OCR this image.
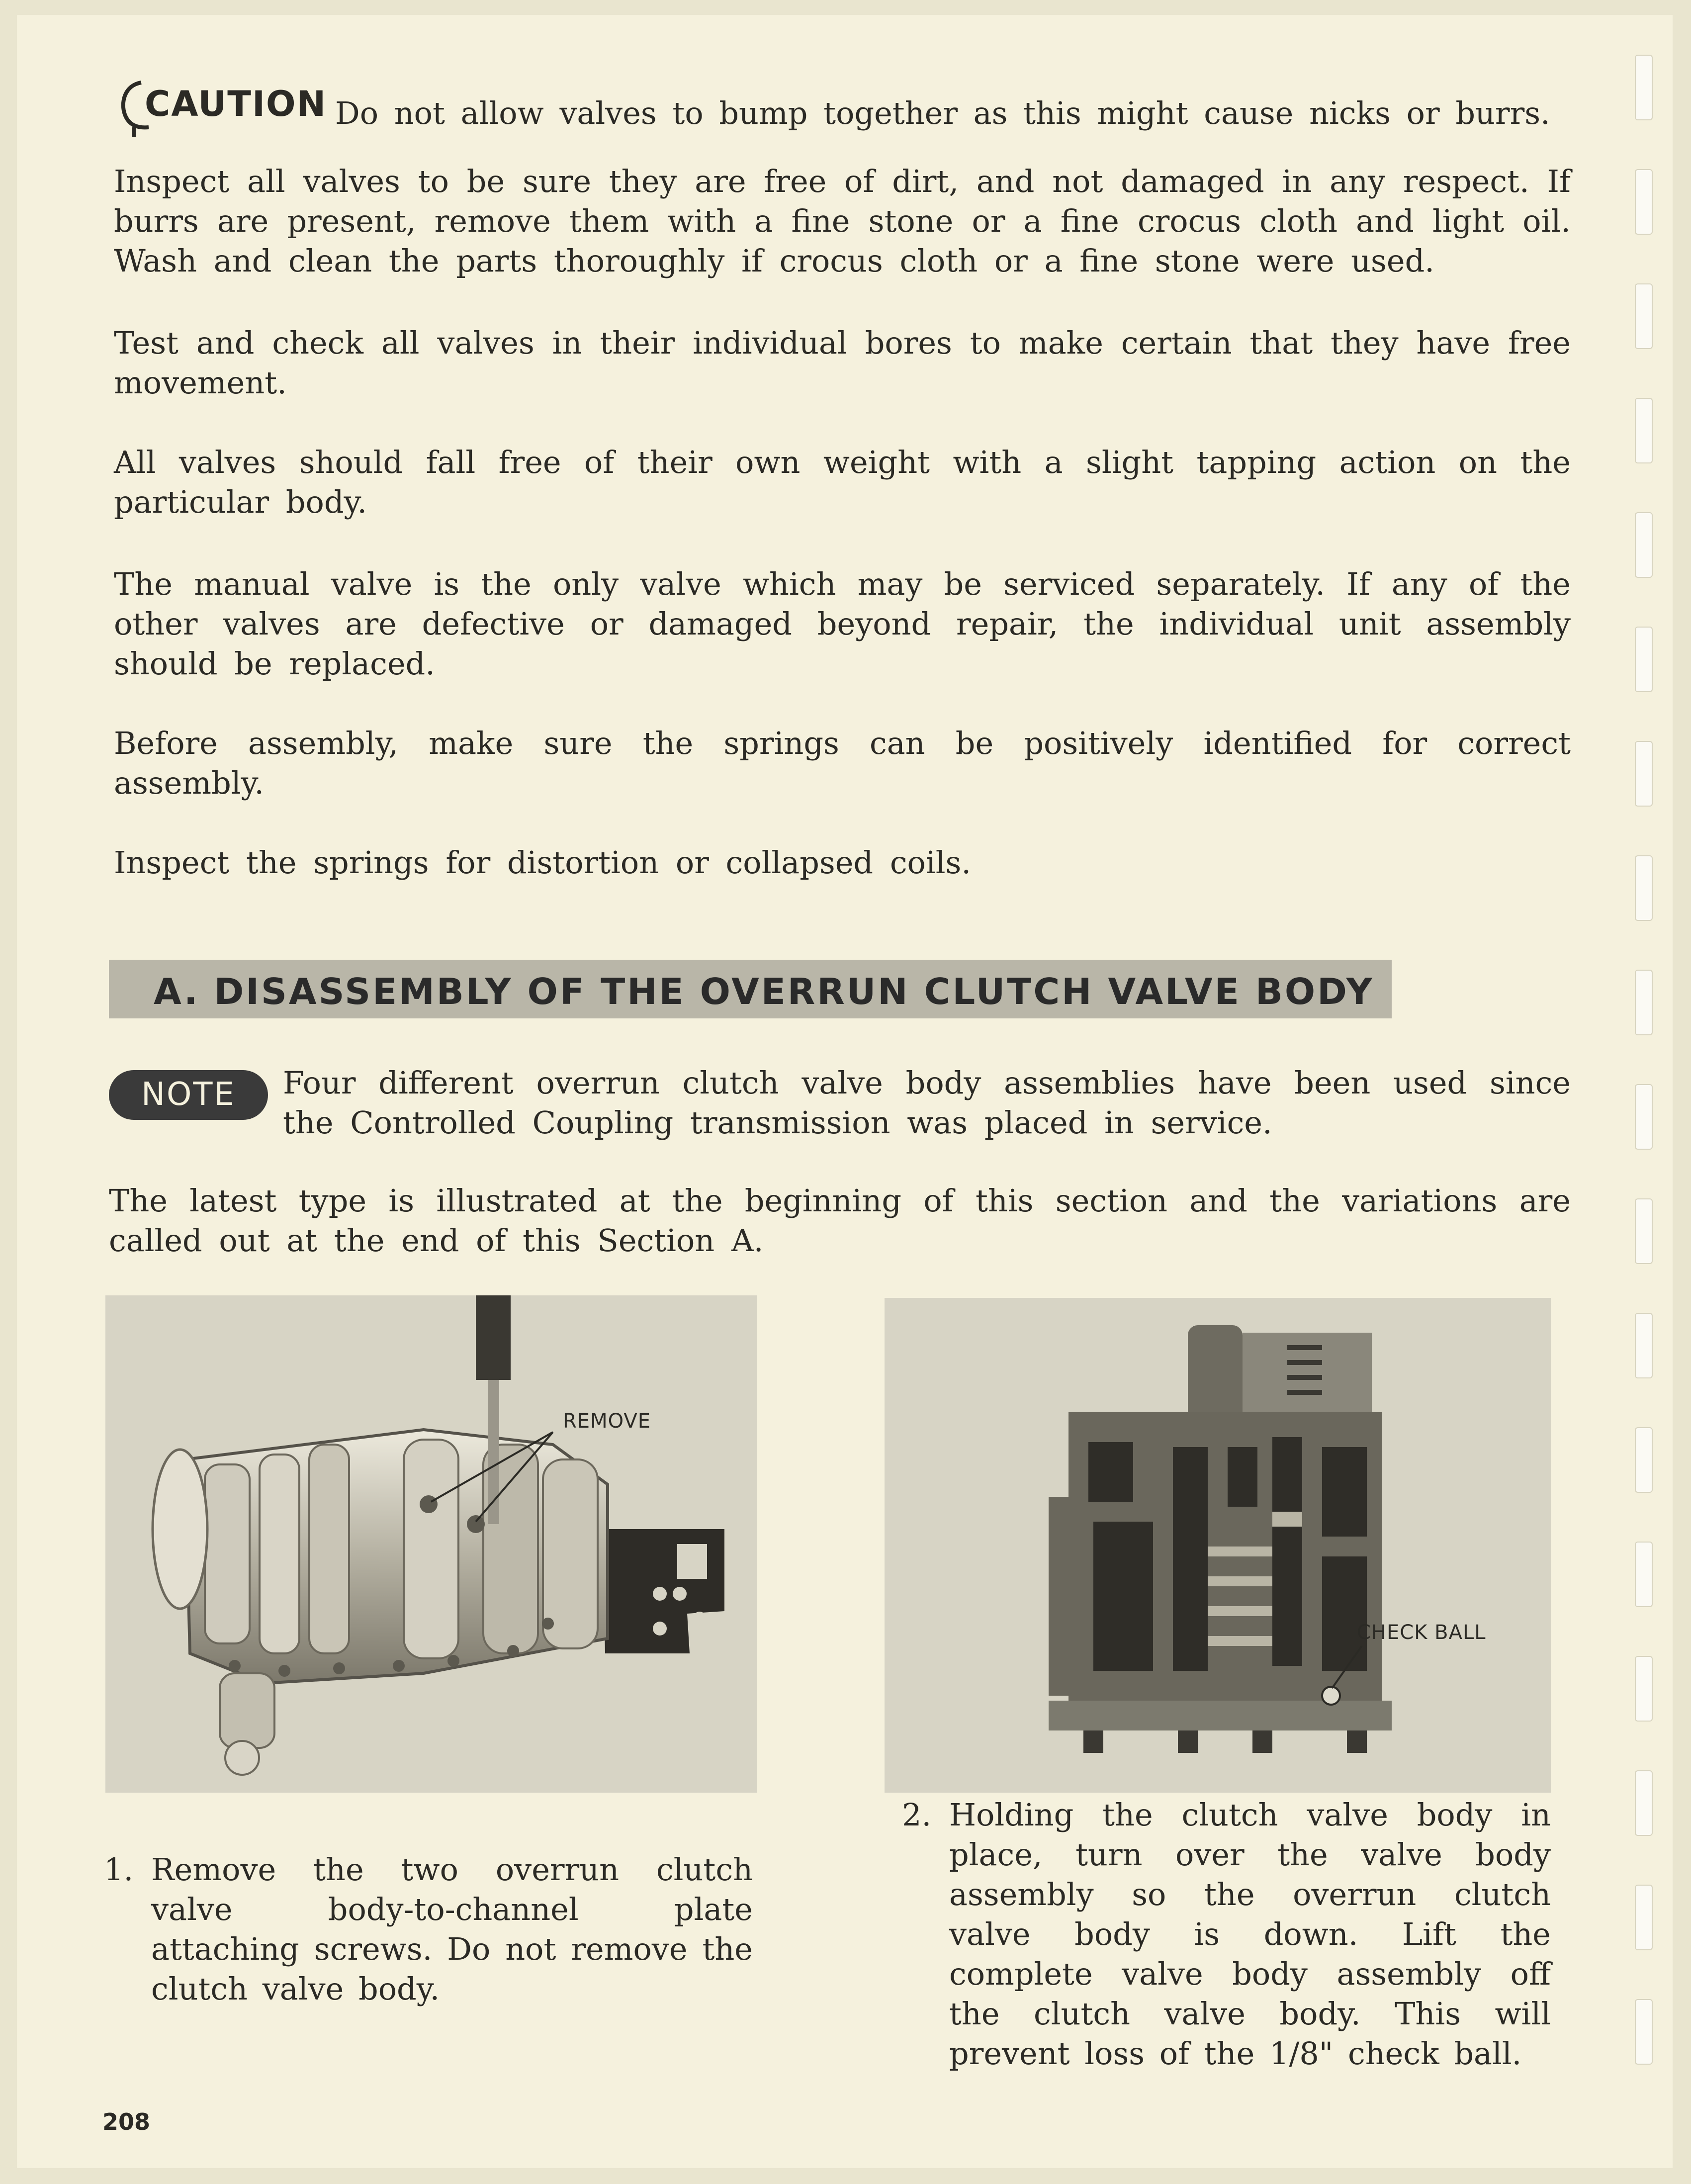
CAUTION Do not allow valves to bump together as this might cause nicks or burrs.
Inspect all valves to be sure they are free of dirt, and not damaged in any respect. If burrs are present, remove them with a fine stone or a fine crocus cloth and light oil. Wash and clean the parts thoroughly if crocus cloth or a fine stone were used.
Test and check all valves in their individual bores to make certain that they have free movement.
All valves should fall free of their own weight with a slight tapping action on the particular body.
The manual valve is the only valve which may be serviced separately. If any of the other valves are defective or damaged beyond repair, the individual unit assembly should be replaced.
Before assembly, make sure the springs can be positively identified for correct assembly.
Inspect the springs for distortion or collapsed coils.
A. DISASSEMBLY OF THE OVERRUN CLUTCH VALVE BODY
NOTE	Four different overrun clutch valve body assemblies have been used since the Controlled Coupling transmission was placed in service.
The latest type is illustrated at the beginning of this section and the variations are called out at the end of this Section A.
REMOVE
CHECK BALL
1. Remove the two overrun clutch valve body-to-channel plate attaching screws. Do not remove the clutch valve body.
2. Holding the clutch valve body in place, turn over the valve body assembly so the overrun clutch valve body is down. Lift the complete valve body assembly off the clutch valve body. This will prevent loss of the 1/8" check ball.
208
